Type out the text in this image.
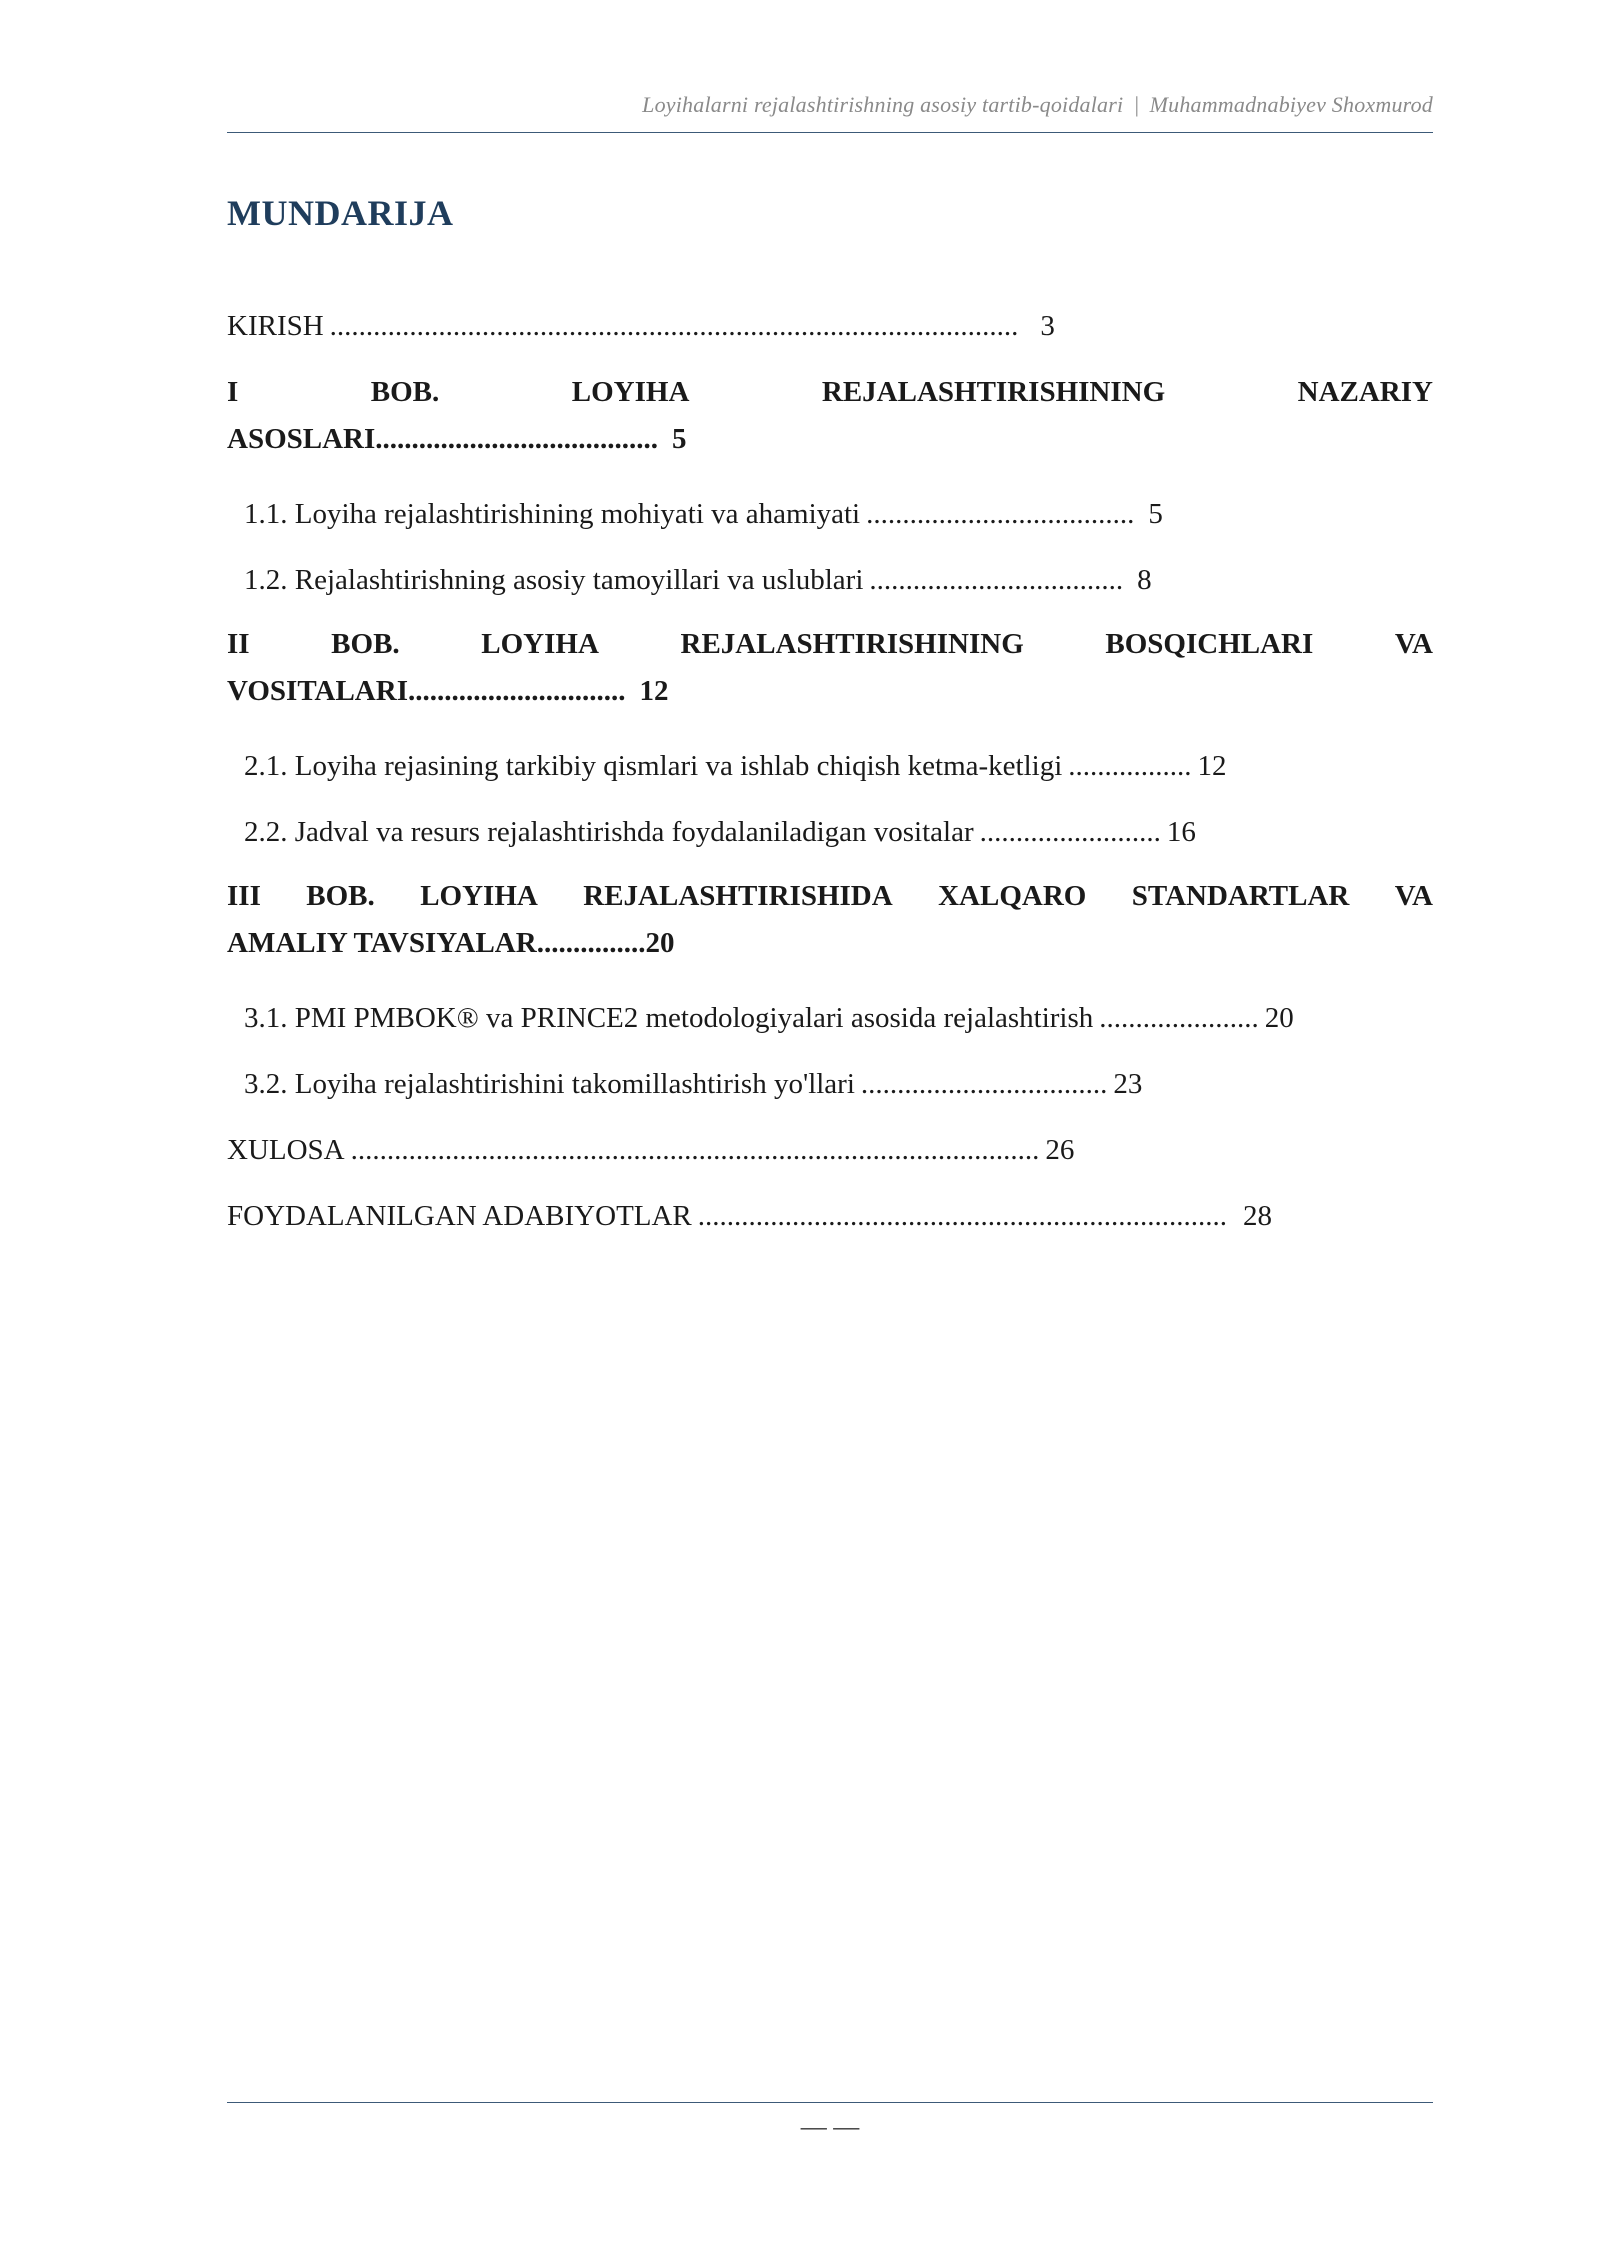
Loyihalarni rejalashtirishning asosiy tartib-qoidalari | Muhammadnabiyev Shoxmurod
MUNDARIJA
KIRISH ............................................................................................... 3
I	BOB.	LOYIHA	REJALASHTIRISHINING	NAZARIY
ASOSLARI....................................... 5
1.1. Loyiha rejalashtirishining mohiyati va ahamiyati ..................................... 5
1.2. Rejalashtirishning asosiy tamoyillari va uslublari ................................... 8
II	BOB.	LOYIHA	REJALASHTIRISHINING	BOSQICHLARI	VA
VOSITALARI.............................. 12
2.1. Loyiha rejasining tarkibiy qismlari va ishlab chiqish ketma-ketligi ................. 12
2.2. Jadval va resurs rejalashtirishda foydalaniladigan vositalar ......................... 16
III BOB. LOYIHA REJALASHTIRISHIDA XALQARO STANDARTLAR VA
AMALIY TAVSIYALAR...............20
3.1. PMI PMBOK® va PRINCE2 metodologiyalari asosida rejalashtirish ...................... 20
3.2. Loyiha rejalashtirishini takomillashtirish yo'llari .................................. 23
XULOSA ............................................................................................... 26
FOYDALANILGAN ADABIYOTLAR ......................................................................... 28
— —
